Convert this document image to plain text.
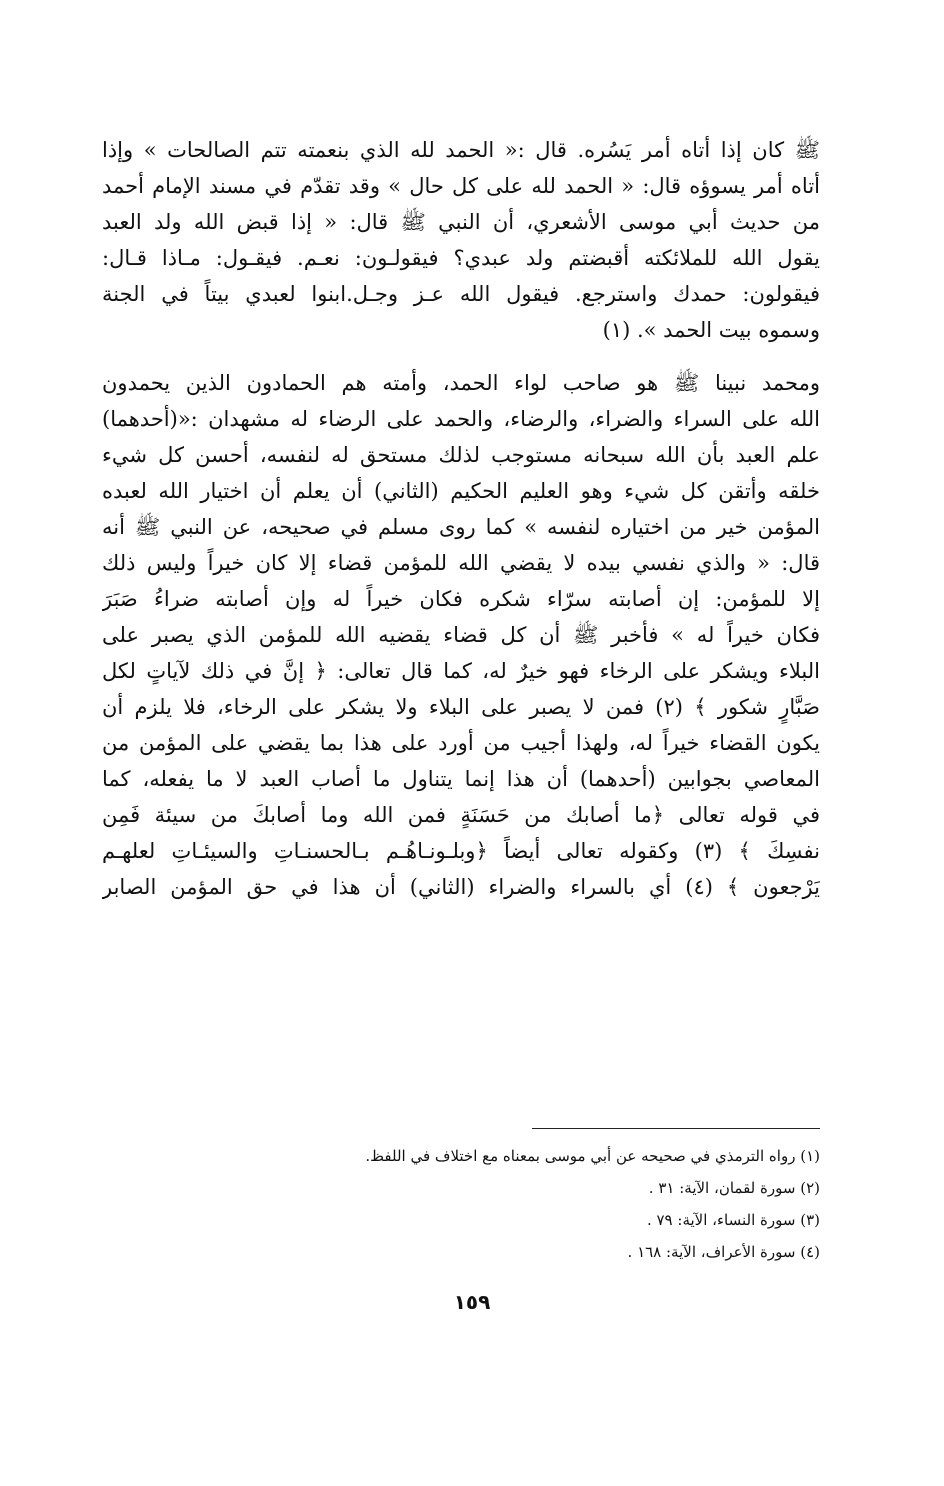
ﷺ كان إذا أتاه أمر يَسُره. قال :« الحمد لله الذي بنعمته تتم الصالحات » وإذا
أتاه أمر يسوؤه قال: « الحمد لله على كل حال » وقد تقدّم في مسند الإمام أحمد
من حديث أبي موسى الأشعري، أن النبي ﷺ قال: « إذا قبض الله ولد العبد
يقول الله للملائكته أقبضتم ولد عبدي؟ فيقولـون: نعـم. فيقـول: مـاذا قـال:
فيقولون: حمدك واسترجع. فيقول الله عـز وجـل.ابنوا لعبدي بيتاً في الجنة
وسموه بيت الحمد ». (١)
ومحمد نبينا ﷺ هو صاحب لواء الحمد، وأمته هم الحمادون الذين يحمدون
الله على السراء والضراء، والرضاء، والحمد على الرضاء له مشهدان :«(أحدهما)
علم العبد بأن الله سبحانه مستوجب لذلك مستحق له لنفسه، أحسن كل شيء
خلقه وأتقن كل شيء وهو العليم الحكيم (الثاني) أن يعلم أن اختيار الله لعبده
المؤمن خير من اختياره لنفسه » كما روى مسلم في صحيحه، عن النبي ﷺ أنه
قال: « والذي نفسي بيده لا يقضي الله للمؤمن قضاء إلا كان خيراً وليس ذلك
إلا للمؤمن: إن أصابته سرّاء شكره فكان خيراً له وإن أصابته ضراءُ صَبَرَ
فكان خيراً له » فأخبر ﷺ أن كل قضاء يقضيه الله للمؤمن الذي يصبر على
البلاء ويشكر على الرخاء فهو خيرٌ له، كما قال تعالى: ﴿ إنَّ في ذلك لآياتٍ لكل
صَبَّارٍ شكور ﴾ (٢) فمن لا يصبر على البلاء ولا يشكر على الرخاء، فلا يلزم أن
يكون القضاء خيراً له، ولهذا أجيب من أورد على هذا بما يقضي على المؤمن من
المعاصي بجوابين (أحدهما) أن هذا إنما يتناول ما أصاب العبد لا ما يفعله، كما
في قوله تعالى ﴿ما أصابك من حَسَنَةٍ فمن الله وما أصابكَ من سيئة فَمِن
نفسِكَ ﴾ (٣) وكقوله تعالى أيضاً ﴿وبلـونـاهُـم بـالحسنـاتِ والسيئـاتِ لعلهـم
يَرْجعون ﴾ (٤) أي بالسراء والضراء (الثاني) أن هذا في حق المؤمن الصابر
(١) رواه الترمذي في صحيحه عن أبي موسى بمعناه مع اختلاف في اللفظ.
(٢) سورة لقمان، الآية: ٣١ .
(٣) سورة النساء، الآية: ٧٩ .
(٤) سورة الأعراف، الآية: ١٦٨ .
١٥٩
